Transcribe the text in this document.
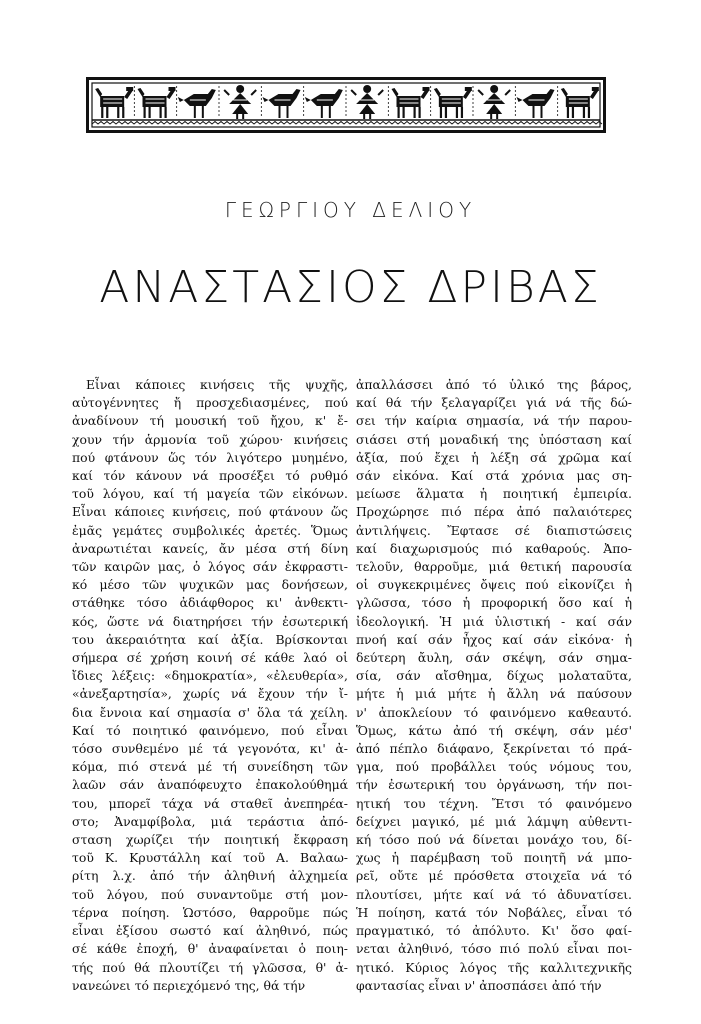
ΓΕΩΡΓΙΟΥ ΔΕΛΙΟΥ
ΑΝΑΣΤΑΣΙΟΣ ΔΡΙΒΑΣ
Εἶναι κάποιες κινήσεις τῆς ψυχῆς,
αὐτογέννητες ἤ προσχεδιασμένες, πού
ἀναδίνουν τή μουσική τοῦ ἤχου, κ' ἔ-
χουν τήν ἁρμονία τοῦ χώρου· κινήσεις
πού φτάνουν ὥς τόν λιγότερο μυημένο,
καί τόν κάνουν νά προσέξει τό ρυθμό
τοῦ λόγου, καί τή μαγεία τῶν εἰκόνων.
Εἶναι κάποιες κινήσεις, πού φτάνουν ὥς
ἐμᾶς γεμάτες συμβολικές ἀρετές. Ὅμως
ἀναρωτιέται κανείς, ἄν μέσα στή δίνη
τῶν καιρῶν μας, ὁ λόγος σάν ἐκφραστι-
κό μέσο τῶν ψυχικῶν μας δονήσεων,
στάθηκε τόσο ἀδιάφθορος κι' ἀνθεκτι-
κός, ὥστε νά διατηρήσει τήν ἐσωτερική
του ἀκεραιότητα καί ἀξία. Βρίσκονται
σήμερα σέ χρήση κοινή σέ κάθε λαό οἱ
ἴδιες λέξεις: «δημοκρατία», «ἐλευθερία»,
«ἀνεξαρτησία», χωρίς νά ἔχουν τήν ἴ-
δια ἔννοια καί σημασία σ' ὅλα τά χείλη.
Καί τό ποιητικό φαινόμενο, πού εἶναι
τόσο συνθεμένο μέ τά γεγονότα, κι' ἀ-
κόμα, πιό στενά μέ τή συνείδηση τῶν
λαῶν σάν ἀναπόφευχτο ἐπακολούθημά
του, μπορεῖ τάχα νά σταθεῖ ἀνεπηρέα-
στο; Ἀναμφίβολα, μιά τεράστια ἀπό-
σταση χωρίζει τήν ποιητική ἔκφραση
τοῦ Κ. Κρυστάλλη καί τοῦ Α. Βαλαω-
ρίτη λ.χ. ἀπό τήν ἀληθινή ἀλχημεία
τοῦ λόγου, πού συναντοῦμε στή μον-
τέρνα ποίηση. Ὡστόσο, θαρροῦμε πώς
εἶναι ἐξίσου σωστό καί ἀληθινό, πώς
σέ κάθε ἐποχή, θ' ἀναφαίνεται ὁ ποιη-
τής πού θά πλουτίζει τή γλῶσσα, θ' ἀ-
νανεώνει τό περιεχόμενό της, θά τήν
ἀπαλλάσσει ἀπό τό ὑλικό της βάρος,
καί θά τήν ξελαγαρίζει γιά νά τῆς δώ-
σει τήν καίρια σημασία, νά τήν παρου-
σιάσει στή μοναδική της ὑπόσταση καί
ἀξία, πού ἔχει ἡ λέξη σά χρῶμα καί
σάν εἰκόνα. Καί στά χρόνια μας ση-
μείωσε ἅλματα ἡ ποιητική ἐμπειρία.
Προχώρησε πιό πέρα ἀπό παλαιότερες
ἀντιλήψεις. Ἔφτασε σέ διαπιστώσεις
καί διαχωρισμούς πιό καθαρούς. Ἀπο-
τελοῦν, θαρροῦμε, μιά θετική παρουσία
οἱ συγκεκριμένες ὄψεις πού εἰκονίζει ἡ
γλῶσσα, τόσο ἡ προφορική ὅσο καί ἡ
ἰδεολογική. Ἡ μιά ὑλιστική - καί σάν
πνοή καί σάν ἦχος καί σάν εἰκόνα· ἡ
δεύτερη ἄυλη, σάν σκέψη, σάν σημα-
σία, σάν αἴσθημα, δίχως μολαταῦτα,
μήτε ἡ μιά μήτε ἡ ἄλλη νά παύσουν
ν' ἀποκλείουν τό φαινόμενο καθεαυτό.
Ὅμως, κάτω ἀπό τή σκέψη, σάν μέσ'
ἀπό πέπλο διάφανο, ξεκρίνεται τό πρά-
γμα, πού προβάλλει τούς νόμους του,
τήν ἐσωτερική του ὀργάνωση, τήν ποι-
ητική του τέχνη. Ἔτσι τό φαινόμενο
δείχνει μαγικό, μέ μιά λάμψη αὐθεντι-
κή τόσο πού νά δίνεται μονάχο του, δί-
χως ἡ παρέμβαση τοῦ ποιητῆ νά μπο-
ρεῖ, οὔτε μέ πρόσθετα στοιχεῖα νά τό
πλουτίσει, μήτε καί νά τό ἀδυνατίσει.
Ἡ ποίηση, κατά τόν Νοβάλες, εἶναι τό
πραγματικό, τό ἀπόλυτο. Κι' ὅσο φαί-
νεται ἀληθινό, τόσο πιό πολύ εἶναι ποι-
ητικό. Κύριος λόγος τῆς καλλιτεχνικῆς
φαντασίας εἶναι ν' ἀποσπάσει ἀπό τήν
